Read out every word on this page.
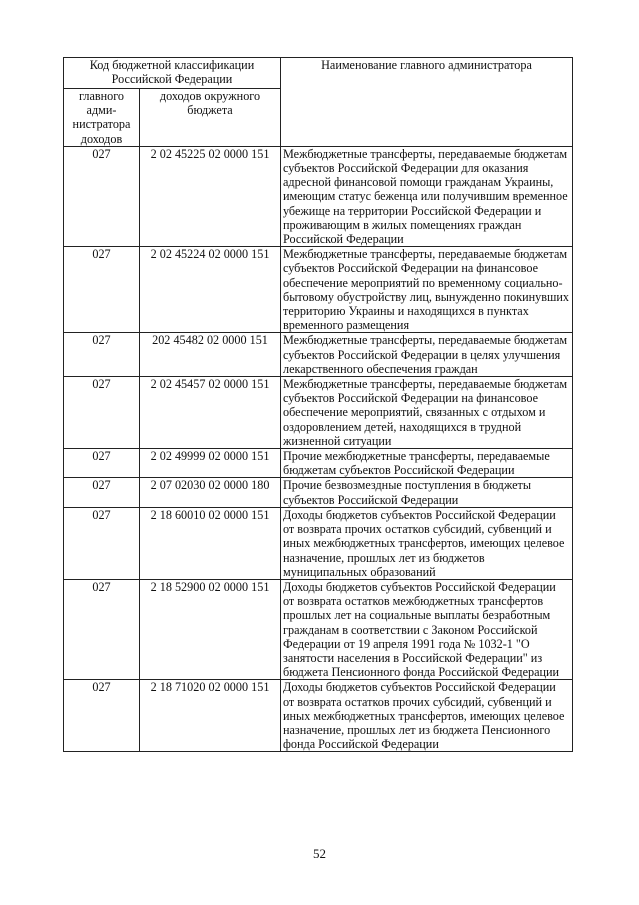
Код бюджетной классификации Российской Федерации		Наименование главного администратора
главного адми-нистратора доходов	доходов окружного бюджета	
027	2 02 45225 02 0000 151	Межбюджетные трансферты, передаваемые бюджетам субъектов Российской Федерации для оказания адресной финансовой помощи гражданам Украины, имеющим статус беженца или получившим временное убежище на территории Российской Федерации и проживающим в жилых помещениях граждан Российской Федерации
027	2 02 45224 02 0000 151	Межбюджетные трансферты, передаваемые бюджетам субъектов Российской Федерации на финансовое обеспечение мероприятий по временному социально-бытовому обустройству лиц, вынужденно покинувших территорию Украины и находящихся в пунктах временного размещения
027	202 45482 02 0000 151	Межбюджетные трансферты, передаваемые бюджетам субъектов Российской Федерации в целях улучшения лекарственного обеспечения граждан
027	2 02 45457 02 0000 151	Межбюджетные трансферты, передаваемые бюджетам субъектов Российской Федерации на финансовое обеспечение мероприятий, связанных с отдыхом и оздоровлением детей, находящихся в трудной жизненной ситуации
027	2 02 49999 02 0000 151	Прочие межбюджетные трансферты, передаваемые бюджетам субъектов Российской Федерации
027	2 07 02030 02 0000 180	Прочие безвозмездные поступления в бюджеты субъектов Российской Федерации
027	2 18 60010 02 0000 151	Доходы бюджетов субъектов Российской Федерации от возврата прочих остатков субсидий, субвенций и иных межбюджетных трансфертов, имеющих целевое назначение, прошлых лет из бюджетов муниципальных образований
027	2 18 52900 02 0000 151	Доходы бюджетов субъектов Российской Федерации от возврата остатков межбюджетных трансфертов прошлых лет на социальные выплаты безработным гражданам в соответствии с Законом Российской Федерации от 19 апреля 1991 года № 1032-1 "О занятости населения в Российской Федерации" из бюджета Пенсионного фонда Российской Федерации
027	2 18 71020 02 0000 151	Доходы бюджетов субъектов Российской Федерации от возврата остатков прочих субсидий, субвенций и иных межбюджетных трансфертов, имеющих целевое назначение, прошлых лет из бюджета Пенсионного фонда Российской Федерации
52
